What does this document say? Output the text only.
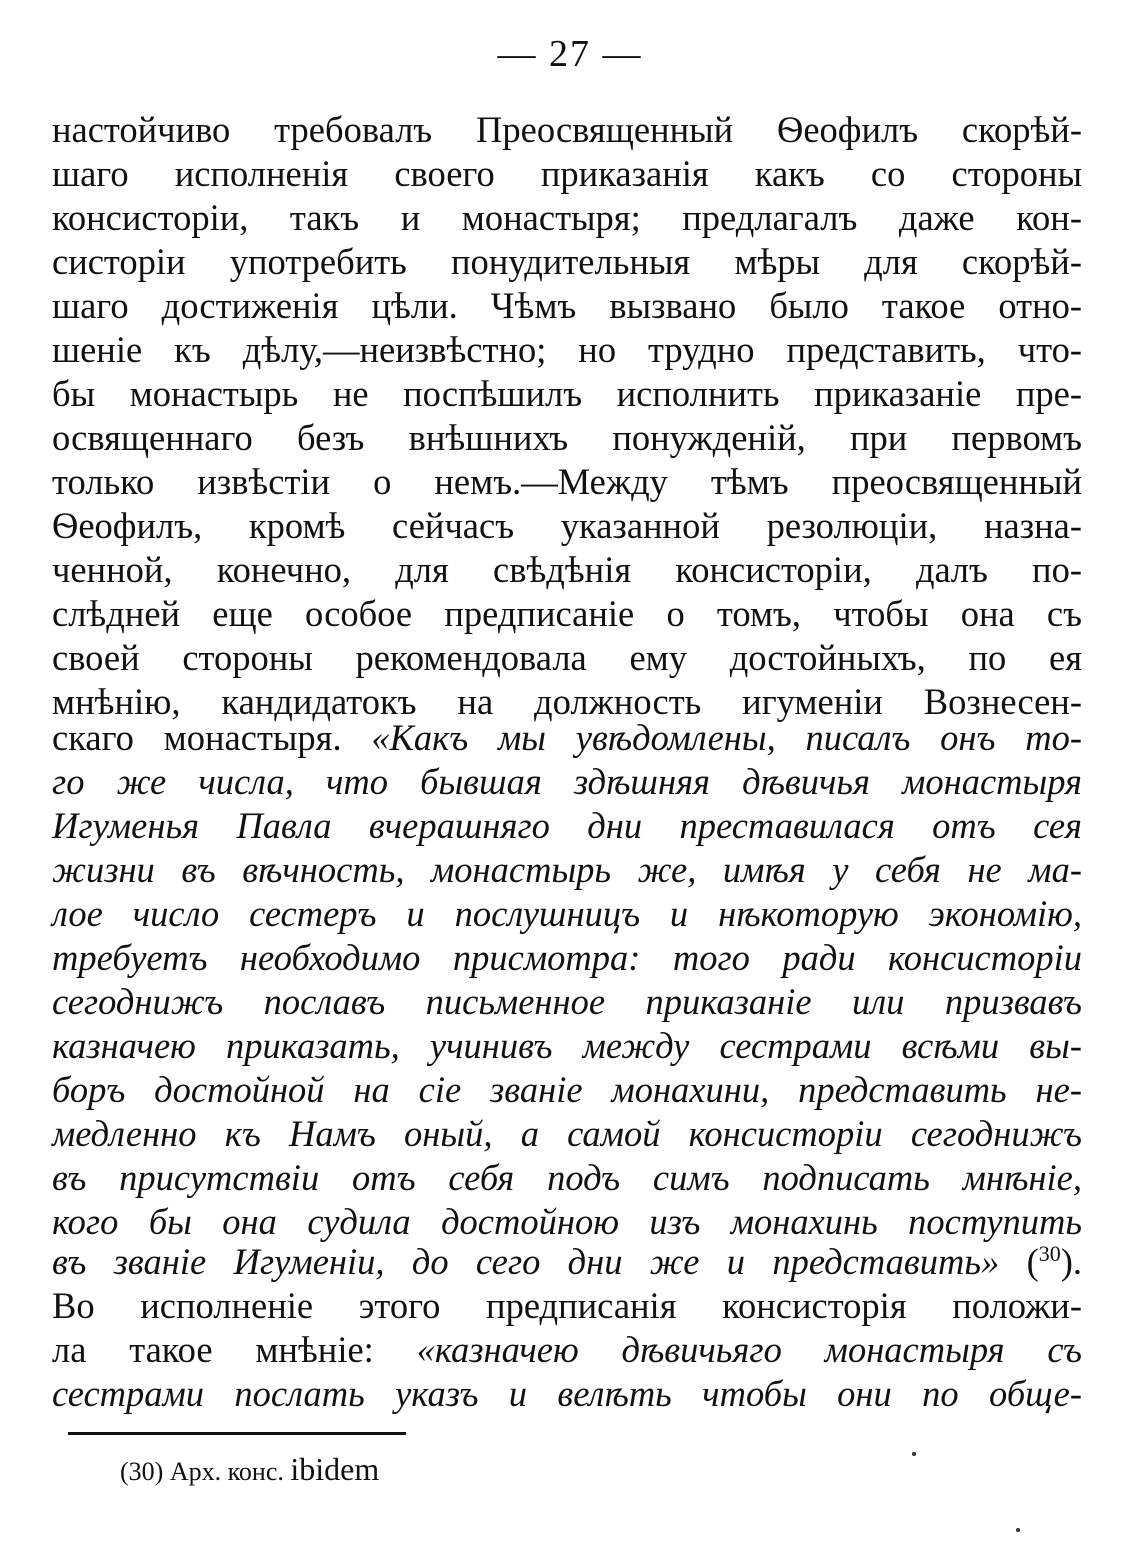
— 27 —
настойчиво требовалъ Преосвященный Ѳеофилъ скорѣй-
шаго исполненія своего приказанія какъ со стороны
консисторіи, такъ и монастыря; предлагалъ даже кон-
систоріи употребить понудительныя мѣры для скорѣй-
шаго достиженія цѣли. Чѣмъ вызвано было такое отно-
шеніе къ дѣлу,—неизвѣстно; но трудно представить, что-
бы монастырь не поспѣшилъ исполнить приказаніе пре-
освященнаго безъ внѣшнихъ понужденій, при первомъ
только извѣстіи о немъ.—Между тѣмъ преосвященный
Ѳеофилъ, кромѣ сейчасъ указанной резолюціи, назна-
ченной, конечно, для свѣдѣнія консисторіи, дaлъ по-
слѣдней еще особое предписаніе о томъ, чтобы она съ
своей стороны рекомендовала ему достойныхъ, по ея
мнѣнію, кандидатокъ на должность игуменіи Вознесен-
скаго монастыря. «Какъ мы увѣдомлены, писалъ онъ то-
го же числа, что бывшая здѣшняя дѣвичья монастыря
Игуменья Павла вчерашняго дни преставилася отъ сея
жизни въ вѣчность, монастырь же, имѣя у себя не ма-
лое число сестеръ и послушницъ и нѣкоторую экономію,
требуетъ необходимо присмотра: того ради консисторіи
сегоднижъ пославъ письменное приказаніе или призвавъ
казначею приказать, учинивъ между сестрами всѣми вы-
боръ достойной на сіе званіе монахини, представить не-
медленно къ Намъ оный, а самой консисторіи сегоднижъ
въ присутствіи отъ себя подъ симъ подписать мнѣніе,
кого бы она судила достойною изъ монахинь поступить
въ званіе Игуменіи, до сего дни же и представить» ($^{30}$).
Во исполненіе этого предписанія консисторія положи-
ла такое мнѣніе: «казначею дѣвичьяго монастыря съ
сестрами послать указъ и велѣть чтобы они по обще-
(30) Арх. конс. ibidem
